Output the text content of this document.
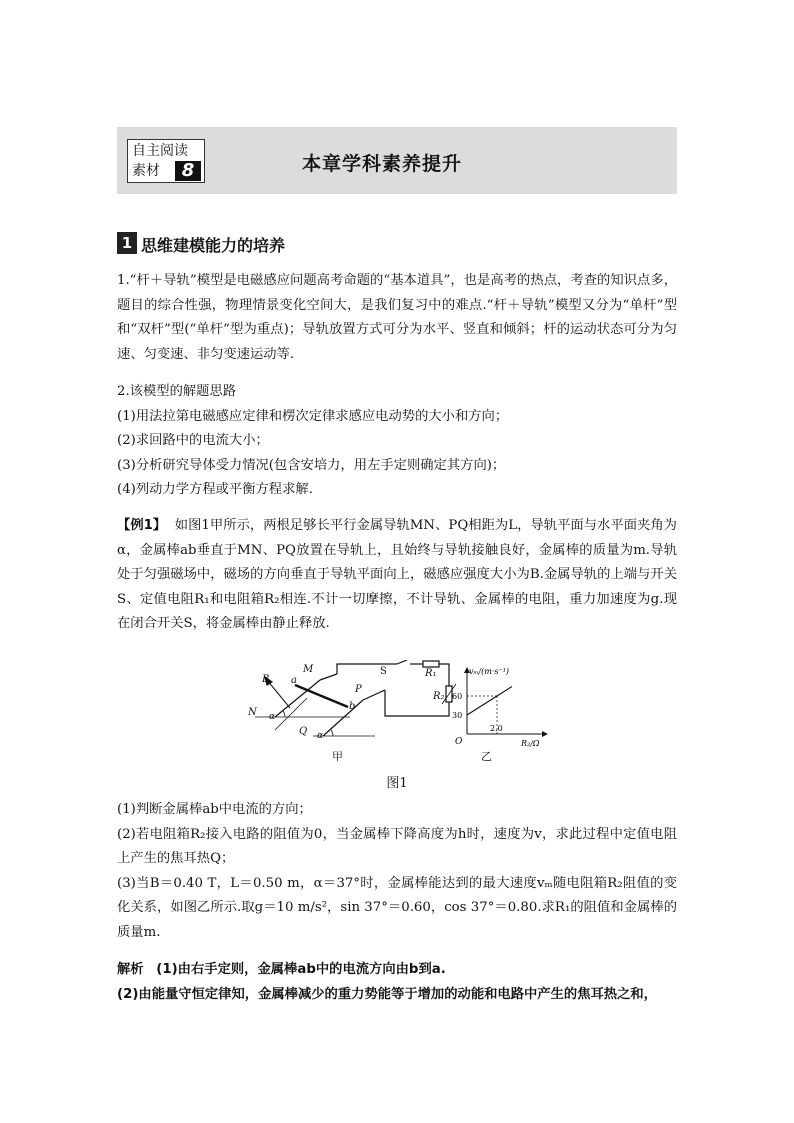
自主阅读
素材	8	本章学科素养提升
1 思维建模能力的培养

1.“杆＋导轨”模型是电磁感应问题高考命题的“基本道具”，也是高考的热点，考查的知识点多，题目的综合性强，物理情景变化空间大，是我们复习中的难点.“杆＋导轨”模型又分为“单杆”型和“双杆”型(“单杆”型为重点)；导轨放置方式可分为水平、竖直和倾斜；杆的运动状态可分为匀速、匀变速、非匀变速运动等.

2.该模型的解题思路

(1)用法拉第电磁感应定律和楞次定律求感应电动势的大小和方向；

(2)求回路中的电流大小；

(3)分析研究导体受力情况(包含安培力，用左手定则确定其方向)；

(4)列动力学方程或平衡方程求解.

【例1】 如图1甲所示，两根足够长平行金属导轨MN、PQ相距为L，导轨平面与水平面夹角为α，金属棒ab垂直于MN、PQ放置在导轨上，且始终与导轨接触良好，金属棒的质量为m.导轨处于匀强磁场中，磁场的方向垂直于导轨平面向上，磁感应强度大小为B.金属导轨的上端与开关S、定值电阻R₁和电阻箱R₂相连.不计一切摩擦，不计导轨、金属棒的电阻，重力加速度为g.现在闭合开关S，将金属棒由静止释放.

M
a
B
N
P
b
Q
α
α
S	R₁
R₂
甲
vₘ/(m·s⁻¹)
R₂/Ω
O
30
60
2.0
乙
图1

(1)判断金属棒ab中电流的方向；

(2)若电阻箱R₂接入电路的阻值为0，当金属棒下降高度为h时，速度为v，求此过程中定值电阻上产生的焦耳热Q；

(3)当B＝0.40 T，L＝0.50 m，α＝37°时，金属棒能达到的最大速度vₘ随电阻箱R₂阻值的变化关系，如图乙所示.取g＝10 m/s²，sin 37°＝0.60，cos 37°＝0.80.求R₁的阻值和金属棒的质量m.

解析 (1)由右手定则，金属棒ab中的电流方向由b到a.

(2)由能量守恒定律知，金属棒减少的重力势能等于增加的动能和电路中产生的焦耳热之和，
